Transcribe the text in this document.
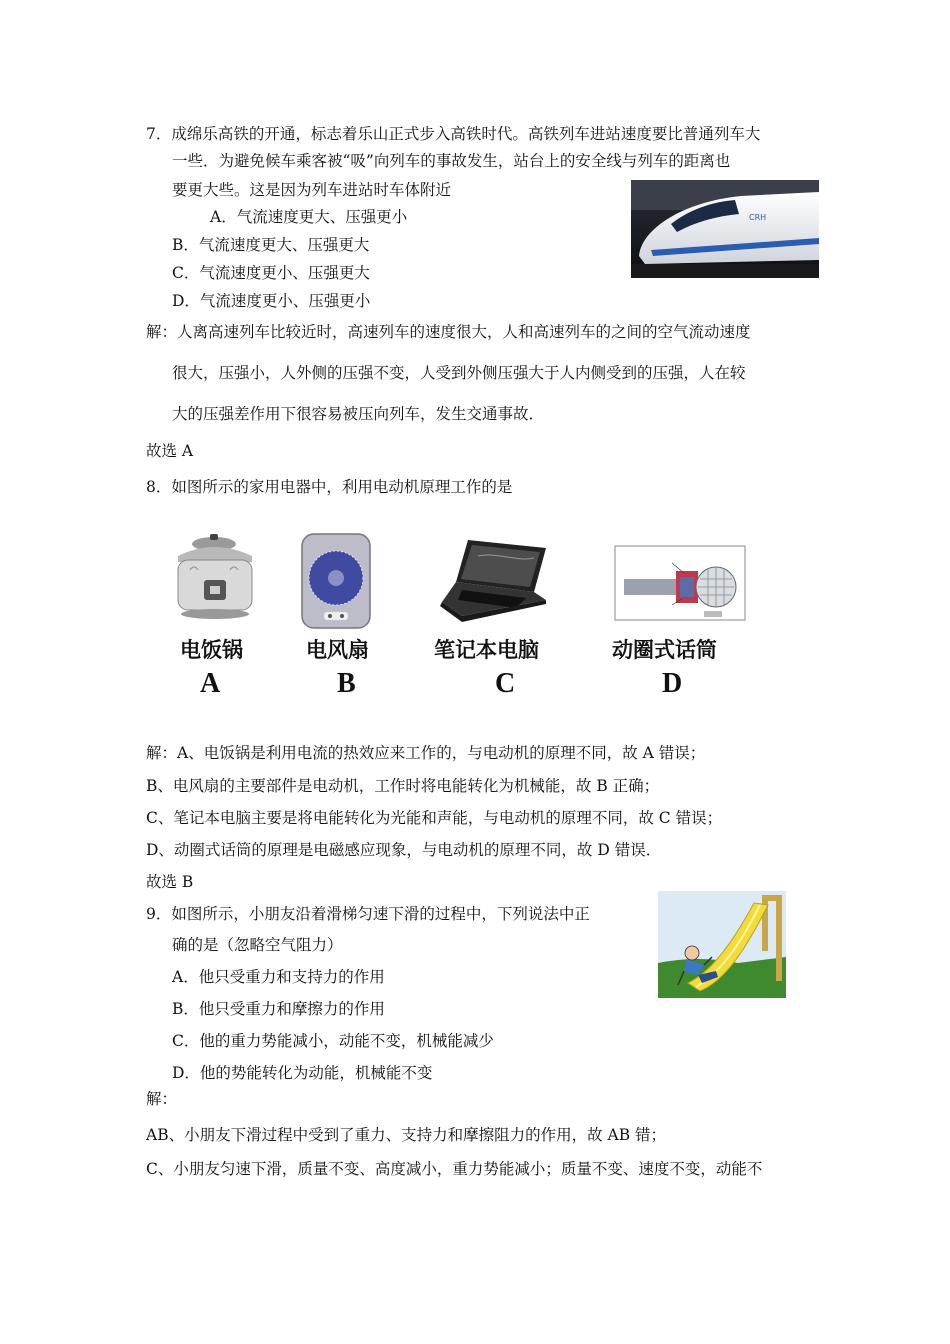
7．成绵乐高铁的开通，标志着乐山正式步入高铁时代。高铁列车进站速度要比普通列车大
一些．为避免候车乘客被“吸”向列车的事故发生，站台上的安全线与列车的距离也
要更大些。这是因为列车进站时车体附近
A．气流速度更大、压强更小
B．气流速度更大、压强更大
C．气流速度更小、压强更大
D．气流速度更小、压强更小
CRH
解：人离高速列车比较近时，高速列车的速度很大，人和高速列车的之间的空气流动速度
很大，压强小，人外侧的压强不变，人受到外侧压强大于人内侧受到的压强，人在较
大的压强差作用下很容易被压向列车，发生交通事故．
故选 A
8．如图所示的家用电器中，利用电动机原理工作的是
电饭锅	电风扇	笔记本电脑	动圈式话筒
A	B	C	D
解：A、电饭锅是利用电流的热效应来工作的，与电动机的原理不同，故 A 错误；
B、电风扇的主要部件是电动机，工作时将电能转化为机械能，故 B 正确；
C、笔记本电脑主要是将电能转化为光能和声能，与电动机的原理不同，故 C 错误；
D、动圈式话筒的原理是电磁感应现象，与电动机的原理不同，故 D 错误．
故选 B
9．如图所示，小朋友沿着滑梯匀速下滑的过程中，下列说法中正
确的是（忽略空气阻力）
A．他只受重力和支持力的作用
B．他只受重力和摩擦力的作用
C．他的重力势能减小，动能不变，机械能减少
D．他的势能转化为动能，机械能不变
解：
AB、小朋友下滑过程中受到了重力、支持力和摩擦阻力的作用，故 AB 错；
C、小朋友匀速下滑，质量不变、高度减小，重力势能减小；质量不变、速度不变，动能不
